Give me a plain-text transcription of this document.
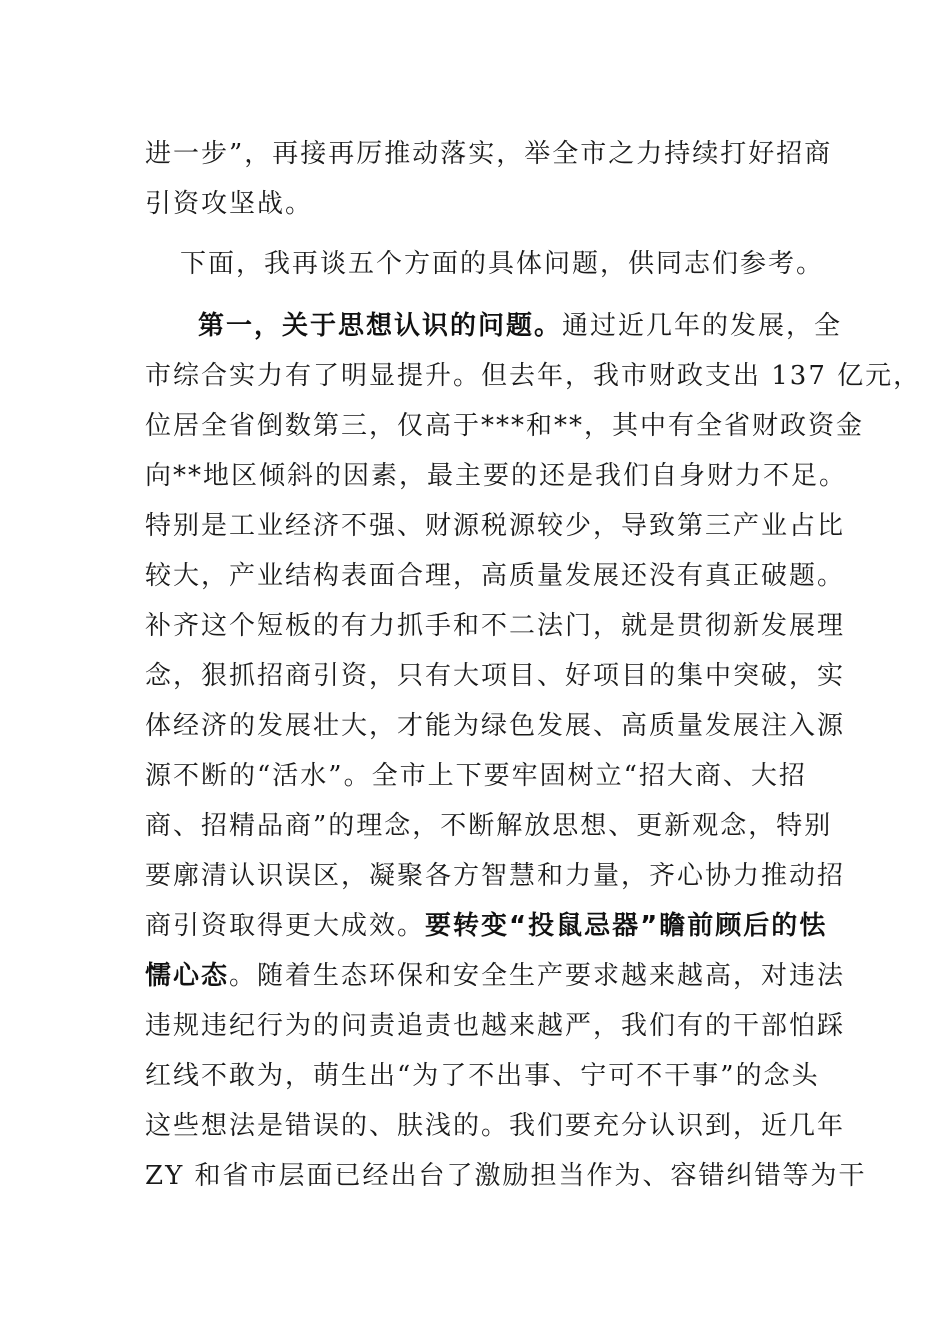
进一步”，再接再厉推动落实，举全市之力持续打好招商
引资攻坚战。
下面，我再谈五个方面的具体问题，供同志们参考。
第一，关于思想认识的问题。通过近几年的发展，全
市综合实力有了明显提升。但去年，我市财政支出 137 亿元，
位居全省倒数第三，仅高于***和**，其中有全省财政资金
向**地区倾斜的因素，最主要的还是我们自身财力不足。
特别是工业经济不强、财源税源较少，导致第三产业占比
较大，产业结构表面合理，高质量发展还没有真正破题。
补齐这个短板的有力抓手和不二法门，就是贯彻新发展理
念，狠抓招商引资，只有大项目、好项目的集中突破，实
体经济的发展壮大，才能为绿色发展、高质量发展注入源
源不断的“活水”。全市上下要牢固树立“招大商、大招
商、招精品商”的理念，不断解放思想、更新观念，特别
要廓清认识误区，凝聚各方智慧和力量，齐心协力推动招
商引资取得更大成效。要转变“投鼠忌器”瞻前顾后的怯
懦心态。随着生态环保和安全生产要求越来越高，对违法
违规违纪行为的问责追责也越来越严，我们有的干部怕踩
红线不敢为，萌生出“为了不出事、宁可不干事”的念头
这些想法是错误的、肤浅的。我们要充分认识到，近几年
ZY 和省市层面已经出台了激励担当作为、容错纠错等为干
